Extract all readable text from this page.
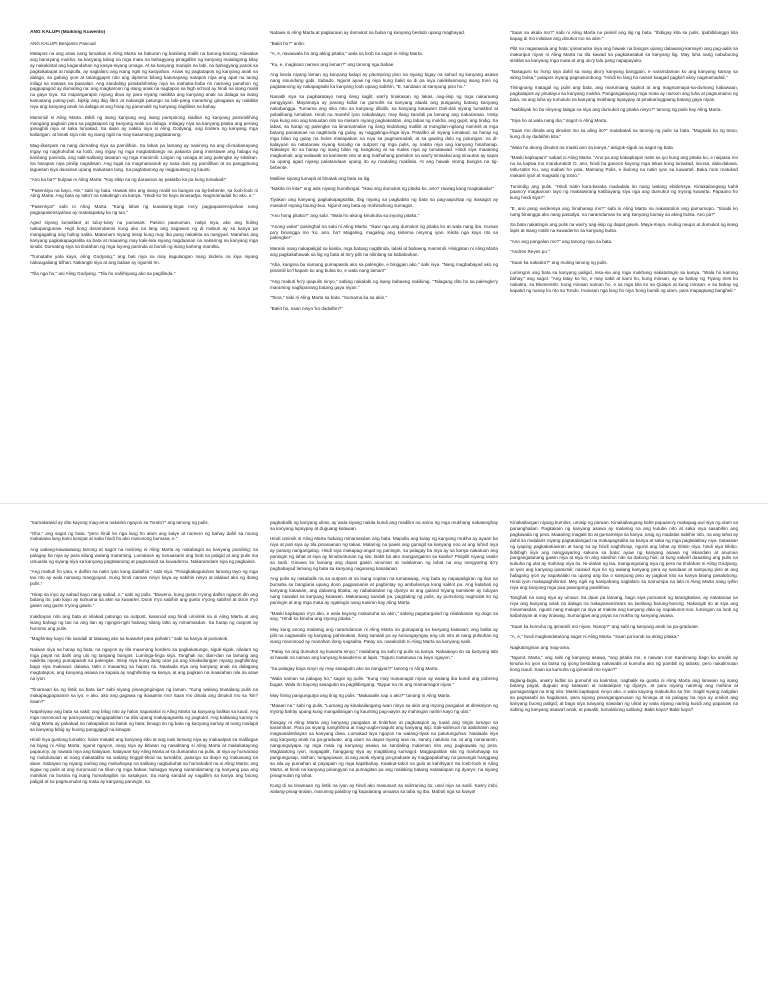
ANG KALUPI (Maikling Kuwento)

ANG KALUPI Benjamin Pascual

Matapos na ang araw nang lumabas si Aling Marta sa bakuran ng kanilang maliit na barung-barong. Alawalas ang banayang mukha: sa kanyang lubog na mga mata na bahagyang pinagdilim ng kanyang malalagong kilay ay nakakintal ang kagandahan ng kasya-siyang umaga. At sa kanyang manipis na labi, na bahagyang pasok sa pagkakalapat at mapulla, ay naglalaro ang isang ngiti ng kasiyahan. Anaw ng pagtatapos ng kanyang anak na dalaga, sa gabing iyon at tatanggapin nito ang diploma bilang katunayang natapos niya ang apat na taong inilagi sa mataas na paaralan. Ang sandaling pinakahihintay niya sa mahaba-haba rin namang panahon ng pagpapagod ay dumating na: ang magkaroon ng isang anak na nagtapos sa high school ay hindi na isang maliit na gaya niya. Sa mapangarapin niyang diwa ay para niyang nakikita ang kanyang anak na dalaga sa isang kasuutang puting-puti, kipkip ang ibig libro at nakangiti patungo sa labi-pang maraming ginagawa ay nakikita niya ang kanyang anak na dalaga at ang hirap ng panunukli ng kanyang naglilinis sa bahay.

Mamimili si Aling Marta. Bibili ng isang kanyang ang isang pampinong siadlan ng kanyang pamimilihing mangang pagkain para sa pagtatapos ng kanyang anak na dalaga. Inilagay niya sa kanyang pitaka ang perang ipinagbili niya at saka lumakad. Sa daan ay nakita niya si Aling Godyang, ang tindera ng kanyang mga kailangan, at binati siya nito ng isang ngiti na may kasamang pagtatanong.

Mag-iikasyam na nang dumating siya sa pamilihan. Sa labas pa lamang ay nanining na ang di-mabanayang ingay ng naghuhuhat sa loob, ang ingay ng mga magtatabango na pakanta pang ininistawe ang halaga ng kanilang paninda, ang salit-salitang tawaran ng mga mamimili. Lingon ng umaga at ang palengke ay siksikan. Sa harapan niya pinilip nagsiksan. Ang lugal na magmamanok ay nasa dulo ng pamilihan at sa panggitnang laguesan siya dananan upang makaraan lang. Sa pagtatanong ay nagpautang ng kaunti.

"Ano ka ba?" bulyaw ni Aling Marta. "Kay sikip na ng daraanan ay patakbo ka pa kung lumakad!"

"Pasensiya na kayo, Ale," sabi ng bata. Hawak nito ang isang maliit na bangos na tig-bebente, sa loob-loob ni Aling Marta. Ang bata ay tatlo't na nakatingin sa kanya. "Hindi ko ho kayo sinasadya. Nagmamadali ho ako, e."

"Pasensya!" sabi ni Aling Marta. "Kung lahat ng kuwalang-ingat mo'y pagpapasensiyahan nang pagpapasensiyahan ay matatapakay ka ng tao."

Aged siyang lumaklaot at tuluy-tuloy na pumasok. Pasinci paanuman, natipi niya, ako ang huling nakapangunaw. Higit kong dararndamin kung ako na lang ang nagawan ng di mabuti ay sa kanya pa mangagaling ang huling salita. Matamam niyang inisip kung may iba pang nakakita sa nangyari. Marahas ang kanyang pagkakapagsalita sa bata at maaaring may kaki-lala siyang nagdaanan na nakarinig sa kanyang mga sinabi. Dumating siya sa tindahan ng mga luyong paninda at bumili ng isang kartong mantika.

"Tumatabe yata kayo, Aling Godyang," ang bati niya sa may kagulangan nang tindera na kiya niyang nakaugaliang bilhan. Nakangiti siya at ang babae ay ngumiti rin.

"Tila nga ho," ani Aling Godyang. "Tila ho nahihiyang ako sa paglilinda."

Natawa si Aling Marta at pagkaraan ay dumukot sa bulsa ng kanyang bestido upang magbayad.

"Bakit ho?" anito.

"A, e, nawawala ho ang aking pitaka," wala sa loob na sagot ni Aling Marta.

"Ku, e, magkano naman ang laman?" ang tanong nga babae.

Ang landa niyang laman ng kanyang kalupi ay pitumpong piso na siyang bigay na sahod ng kanyang asawa nang sinundang gabi, Sabado. Ngunit ayaw ng niya kung bakit sa di pa niya nakikilanmang isang tono ng pagtatanong ay nakapagsabi ka kanyang loob upang sabihin, "E, sandaan at sampung piso ho."

Nanatili siya sa pagkakatayo nang ilang saglit, wari'y tinakasan ng lakas, nag-iisip ng mga nakaraang pangyayari. Mayamaya ay parang kidlat na gumuhit sa kanyang alaala ang pusgaang batang kanyang nakabangga. Tumama ang siko nito sa kanyang dibdib, sa kanyang katawan! Dali-dali siyang lumakbal at pabalibang lumabas. Hindi na marahil iyon nakakalayo; may ilang sandali pa lamang ang nakararaan. Inisip niya kung ano ang kasuutan nito na masam niyang pagkakatitan, ang tabas ng mukha, ang gupit, ang tindig. Sa labas, sa harap ng palengke na kinamamalan ng ilang tindahang maliliit at mangilan-ngilang naminili at mga batang panatanae na nagtitinda ng gulay, ay naggalinga-linga siya. Patalibo uli siyang lumakad, sa harap ng mga bilao ng gulay na halos masapakan na niya sa pagmamadali, at sa gawing dulo ng pulungan, na di-kalayuan sa natatanaw niyang karaitig na outpost ng mga pulis, ay nakita niya ang kanyang hinahanap. Nakatayo ito sa harap ng isang bilao ng kangkong at sa malas niya ay tumatawad. Hindi siya maaaring magkamali; ang walawak na kamisete nito at ang maihahang pantalon na wari'y sinisakal ang sinuutan ay sapat na upang agad niyang palatandaan upang ito ay madaling makilala. At ang hawak nitong bangos na tig-bebente.

Malilise siyang lumapit at binatak ang bata sa liig.

"Nakita rin kita!" ang asik niyang humihingal. "Ikaw ang dumukot ng pitaka ko, ano? Huwag kang magkakaila!"

Tiyakan ang kanyang pagkakapagsalita; ibig niyang sa pagkabito ng bata sa pag-aapuhap ng isasagot ay masukol niyang buung-buo. Ngunit ang bata ay mahinahong sumagot.

"Ano hong pitaka?" ang sabi. "Wala ho akong kinukuha sa inyong pitaka."

"Anong wala!" pasinghal na sabi ni Aling Marta. "Ikaw nga ang dumukot ng pitaka ko at wala nang iba. Kunwa pa'y binangga mo 'ko, ano, ha? Magaling, magaling ang sistema ninyong iyan. Kikita nga kayo rito sa palengke!"

Marami nang nakapaligid sa kanila, mga batang nagtitinda, lalaki at babaeng mamimili. Hinigpitan ni Aling Marta ang pagkakahawak sa liig ng bata at ito'y pilit na nilinlang sa kababaihan.

"Aba, kangina ba namang pumapasok ako sa palengke, e binggain ako," sabi niya. "Nang magbabayad ako ng pinamili ko'l kapain ko ang bulsa ko, e wala nang laman!"

"Ang mabuti ho'y ipapulis ninyo," sabing nakalabi ng isang babaeng nakikinig. "Talagang dito ho sa palengke'y maraming nagliipanang batang gaya niyan."

"Tena," sabi ni Aling Marta sa bata. "Sumama ka sa akin."

"Bakit ho, saan ninyo 'ko dadalhin?"

"Saan sa akala mo?" sabi ni Aling Marta na piniisil ang liig ng bata. "Ibibigay kita sa pulis. Ipabibilanggo kita kapag di mo inilabas ang dinukot mo sa akin."

Pilit na nagwawala ang bata; ipinamulsa niya ang hawak na bangos upang dalawang-kamaym ang pag-aalis sa makuriput niyan ni Aling Marta na tila kawad sa pagkakasakal sa kanyang liig. May luha nang nabubuong sisiklat sa kanyang mga mata at ang ulo'y lalu pang napapayuko.

"Nasaguro ko hong siya dahil sa nang ako'y kanyang banggain, e naramdaman ko ang kanyang kamay sa aking bulsa," palapos niyang pagsusumbong. "Hindi ko lang ho naisiol kaagad pagka't akoy nagmamadali."

Tiningnang matagal ng pulis ang bata, ang marumiang sapkot at ang magmamapa-sa-dumang kaliawaan, pagkatapos ay pinatayui sa kanyang mukha. Pangangalayang mga mata ay naroon ang luha at pagsumamo ng bata, na ang luha ay tumutulo sa kanyang mukhang lupaypay at pinakaringgaang batang gaya niyan.

"Nakikiyak ho ba ninyong talaga na siya ang dumukot ng pitaka ninyo?" tanong ng pulis kay Aling Marta.

"Siya ho at wala nang iba," sagot ni Aling Marta.

"Saan mo dinala ang dinukot mo sa aling ito?" matabatali na tanong ng pulis sa bata. "Magsabi ka ng totoo, kung di ay dadalhin kita."

"Wala ho akong dinukot na maski ano sa kanya," aisiguk-siguk na sagot ng bata.

"Maski kapkapan!" sabad ni Aling Marta. "Ano pa ang kakapkapin natin sa iyo kung ang pitaka ko, e naipasa mo na sa kapwa mo mandurukot! O, ano, hindi ba ganoon kayong mga tekas kung lumakad, isa-isa, dala-dalawa, tatlu-tatlo! Ku, ang mabuti ho yata, Mamang Pulis, e ikulong na natin iyan sa kuwartel. Baka roon matukod makaisl iyan at magsabi ng totoo."

Tumindig ang pulis. "Hindi natin kara-karaka madadala ito nang walang ebidensya. Kinakailangang kahit paano'y magkaroon tayo ng makatwirang katibayang siya nga ang dumukot ng inyong kuwarta. Papaano ho kung hindi siya?"

"E, ano pang evidensya ang hinahanap mo?" sabi ni Aling Marta na nakatutulon ang pamumupo. "Sinabi ko nang binangga ako nang pasadya, na naramdaman ko ang kanyang kamay sa aking bulsa. Ano pa?"

Sa bata nakatingin ang pulis na wari'y nag-iisip ng dapat gawin. Maya-maya, muling naupo at dumukot ng isang lapis at isang maliit na kuwaderno sa kanyang bulsa.

"Ano ang pangalan mo?" ang tanong niya sa bata.

"Andres Reyes po."

"Saan ka nakatira?" ang muling tanong ng pulis.

Lumingon ang bata sa kanyang paligid, insa-isa ang mga mukhang nakatutingin sa kanya. "Wala ho kaming bahay," ang sagot. "Ang tatay ko ho, e may sakit at kami ho, kung minsan, ay sa bahay ng Tiyang Ines ko nakatira, sa Blumentritt. Kung minsan naman ho, e sa mga kila ko sa Quiapo at kung minsan, e sa bahay ng kapatid ng nanay ko rito sa Tondo. Inutusan nga lang ho niya 'kong bumili ng ulam, para mapagsang bangheli."

"Samakatwid ay dito kayong mag-ama nakatira ngayon sa Tondo?" ang tanong ng pulis.

"Oho," ang sagot ng bata, "pero hindi ko nga lang ho alam ang kalye at numero ng bahay dahil sa noong makalawa lang kami lumipat at saka hindi ho ako marunong bumasa, e."

Ang walang-kawawaang tanong at sagot na naririnig ni Aling Marta ay nakabagot sa kanyang pandinig; sa palagay ba niya ay para silang walang maraming. Lumalaon ay lumaasami ang loob sa paligid at ang pulis ma umuasla ng siyang-siya sa kanyang pagtatanong at pagsusulat sa kuwaderno. Nakaramdam siya ng pagkainis.

"Ang mabuti ho yata, e dalhin na natin iyan kung dadalhin," sabi niya. "Pinagkakaguluhan lamang tayo ng mga tao rito ay wala namang mangyayari. Kung hindi naman ninyo kaya ay sabihin ninyo at lalakad ako ng ibang pulis."

"Hirap sa inyo ay sabad kayo nang sabad, e," sabi ng pulis. "Buweno, kung gusto n'yong dalhin ngayon din ang batang ito, pati kayo ay sumama sa akin sa kuwartel. Doon n'yo sabihin ang gusto n'yong sabihin at doon n'yo gawin ang gusto n'yong gawin."

Inakbayan nito ang bata at nilakad patungo sa outpost, kasunod ang hindi umiimik na si Aling Marta at ang isang bahagi ng tao na ang ilan ay ngingiti-ngiti habang silang lalto ay minamasdan. Sa harap ng outpost ay humintо ang pulis.

"Maghintay kayo rito sandali at tatawag ako sa kuwartel para pahatiri," sabi sa kanya at pumasok.

Naiwan siya sa harap ng bata, na ngayon ay tila maamong kordero sa pagkakatungo, siguk-siguk, nilalaro ng mga payat na daliri ang ulo ng tangang bangos. Luminga-linga siya. Tanghali na; dian-dan na lamang ang nakikita niyang pumapasok sa palengke. Inisip niya kung ilang oras pa ang kinakailangan niyang paghihintay bago siya makauwi: dalawa, tatlo o maaaring sa hapon na. Naalaala niya ang kanyang anak na dalagang magtatapos, ang kanyang asawa na kapala ay naghihintay sa kanya, at ang pagkain na inaasahan nila sa araw na iyon.

"Tinamaan ka ng lintik na bata ka!" sabi niyang pinanginginigan ng laman. "Kung walang tinatalang pulis na makapagpapaamin sa iyo, e ako, ako ang gagawa ng ikaaamin mo! Saan mo dinala ang dinukot mo sa 'kin? Saan?"

Napahiyaw ang bata sa sakit; ang bilog nito ay halos napasakol ni Aling Marta sa kanyang balikat sa kaod. Ang mga nanonood ay para-parang nangapatitlan na dila upang makapagsalita ng pagtutol. Ang kaliwang kamay ni Aling Marta ay pakakad na nakapaikot sa batok ng bata; binago ito ng bata ng kanyang kamay at nang mailapit sa kanyang bibig ay buong panggigigil na kinagat.

Hindi niya gustong lumaklo; halos matakil ang kanyang siko at ang nais lamang niya ay makaalpas sa malilagas na biyag ni Aling Marta; ngunit ngayon, nang siya ay bitiwan ng nasaktang si Aling Marta at makakatayong papauroy, ay nawala niya ang kalayaan. kalayaan kay Aling Marta at sa dumaraka na pulis, at siya ay humaraop ng malulusutan at nang makatakbo sa walang tinggol-tikod na tumakbo, patungo sa ibayo ng maluwang na daan. Sabayan ng niyang narinig ang mahahayap na salitang nagbubuhat sa humahabol na si Aling Marta; ang sigaw ng pulis at ang surumuod na tilian ng mga babae; bahagya niyang naramdamang ng kanyang paa ang mahikas na busina ng isang humahagibis na sasakyan. Sa isang sandali ay nagdilim sa kanya ang buong paligid at sa pagmumulat ng mata ay kanyang paningin, sa

pagbabalik ng kanyang ulirat, ay wala siyang nakita kundi ang madilim na anino ng mga mukhang nakatunghay sa kanyang lupaypay at duguang katawan.

Hindi umimik si Aling Marta habang minamasdan ang bata. Mapulla ang kulay ng kanyang mukha ay ayaan ba niya at pati siya ay tila pinaraanan ng takas. Malamig na pawis ang gumigit sa kanyang noo at ang luhod niya ay parang nangangalog. Hindi siya makapag-angat ng paningin, sa palagay ba niya ay sa kanya nakatuon ang paningin ng lahat at siya ay binubuntunan ng sisi. Bakit ba ako mangangaimo sa kanila? Pinipilit niyang usalin sa sarili. Ginawa ko lamang ang dapat gawin ninuman at nalalaman ng lahat na ang nangyaring ito'y pagbabayad lamang ng bata sa kanyang naganang kasalanan.

Ang pulis ay nakabalik na sa outpost at sa isang copitan na tumatawag. Ang bata ay napapaligiran ng ilan na bumaba sa banglaria upang doon pagpamanin at pagbintay ng ambulansya kung saklot pa. Ang kalahati ng kanyang katawan, ang dalawng tibalta, ay nababalutan ng dyaryo at ang guland niyang kamisete ay tuluyan nang nawalat sa kanyang katawan. Makaraang sandali pa, pagdating ng pulis, ay pumulong nagmulat ito ng paningin at ang mga mata ay ngatingin nang tuwiran kay Aling Marta.

"Maski kapkapan n'yo ako, e wala kayong makukuha sa akin," sabing pagaturgaisd ng nilalabasan ng dugo sa ang. "Hindi ko kinuha ang inyong pitaka."

May kung anong malamig ang naramdaman ni Aling Marta na gumapang sa kanyang katawan; ang balita ay pilit na nagsasabi ng kanyang pahimakas. Ilang sandali pa ay lumungayngay ang ulo nito at nang pulsuhan ng isang manonood ay manahan ilong nagsalita. Patay na, nasalodob ni Aling Marta sa kanyang sarili.

"Patay na ang dumukot ng kuwarta ninyo," malabang na sabi ng pulis sa kanya. Nakaaiayo ito sa kanyang tabi at hawak na naman ang kanyang kuwaderno at lapis. "Siguro matutuwa na kayo ngayon."

"Sa palagay kaya ninyo ay may sasagutin ako sa nangyari?" tanong ni Aling Marta.

"Wala naman sa palagay ko," sagot ng pulis. "Kung may mananagot niyan ay walang iba kundi ang pobreng bugas. Wala rin kayong sasagutin sa paglilibingang. Taypar na rin ang mamamagot niyan."

May himig pangungutya ang tinig ng pulis. "Makaaalis nap o ako?" tanong ni Aling Marta.

"Maaari na," sabi ng pulis. "Lamang ay kinakailangang iwan ninyo sa akin ang inyong pangalan at direksiyon ng inyong bahay upang kung mangailangan ng kaunting pag-aayos ay mahingan namin kayo ng ulat."

Ibinigay ni Aling Marta ang kanyang pangalan at tinitirhan at pagkatapos ay tuwid ang tingin lumayo sa karamihan. Para pa siyang nanghihina at mag-uugbi-magulo ang kanyang isip; Sali-salimuot na alalahanin ang magsasalimbayan sa kanyang diwa. Lumakad siya ngayon na walang-tiyak na patutunguhan. Naalaala niya ang kanyang anak na pa-graduate, ang ulam na dapat niyang iuwi na, sana'y naluluto na, at ang nanananim, nangungulyapa ng mga mata ng kanyang asawa sa sandaling malaman nito ang pagkawala ng pera. Maglalatong iyon, magagalit, hanggang siya ay magtitilang sumagot. Magpapalitan sila ng mahahayap na pangungusap, sisihan, tungayawan, at ang anak niyang pa-graduate ay magpapabahay na panangis hanggang sa sila ay pumahan at payapain ng mga kapitbahay. Katakut-takot na gulo at kahihiyan! Sa loob-loob ni Aling Marta, at hindi na kanyang pinangyari na pumagitan pa ang malaking batang natatalapan ng dyaryo, na siyang pinagmulan ng lahat.

Kung di sa tinamaan ng lintik na iyan ay hindi ako masusuot sa sulirraning ito, usal niya sa sarili. Kasi'y imbi, walang-pinag-aralan, marumng palaboy ng kapalarang umaasa sa taba ng iba. Mabuti nga sa kanya!

Kinakailangan niyang kumilos, umisip ng paraan. Kinakailangang kahit papaano'y makapag-uwi siya ng ulam sa pananghalian. Pagkakain ng kanyang asawa ay malamig na ang kulube nito at saka niya sasabihin ang pagkawala ng pera. Maaaring magalit ito at gumamitiya sa kanya, iusig ng madalas sabihin nito, na ang lahat ay dahil sa malalaris niyang pagtatalangad na makapagsalita sa kanya at saka ng mga paglalakbay niya. Itataasan ng iyaping pagkakatuwiran at kung sa ay hindi naghihirap, ngunit ang lahat ay titiisin niya, hindi siya kikibo. Ikibibigh iiiya ang nangyayaring sakuna sa bata; ayaw ng kanyang asawa ng iskandalo at anuman pangangalanang gawin niya at siya rin ang sisisihin nito sa dakong huli; at kung sakali'l daaatiing ang pulis na kukuha ng ulat ay mahirap niya itu. Ni-ulatan ng isa, mangungutang siya ng pera na tindahan ni Aling Godyang, at iyon ang kanyang ipamimili; naisaid niya rin ng walang kanyang pera ay sandaan at sampung piso at ang halagang iyon ay napakalaki na upang ang iba o sampung piso ay pagkait nito sa kanya bilang pasalubong. Hindi iyon makapaghihintal. Mey ngiti ng kasiyahang naglalaro sa namumpa na labi ni Aling Marta nang iyihin niya ang kanyang mga paa patungong pamilihan.

Tanghali na nang siya ay umuwi. Sa daan pa lamang, bago siya pumasok ng tarangkahan, ay natatanaw na niya ang kanyang anak na dalaga na nakapanamintara sa kanilang barung-barong. Nakangiti ito at siya ang minamasdan, ngunit nang malapit na siya at makita ang kanyang dala ay napakunot-noo, lumingon sa loob ng kabahayan at may tinawag. Sumungaw ang payat na mukha ng kanyang asawa.

"Saan ka kumuha ng ipinamili mo niyan, Nanay?" ang sabi ng kanyang anak na pa-graduate.

"A, e," hindi magkandatutong sagot ni Aling Marta. "Saan pa kundi sa aking pitaka."

Nagkatinginan ang mag-ama.

"Ngunit, Marta," ang sabi ng kanyang asawa, "ang pitaka mo, e naiwan mo! Kaninnang bago ka umalis ay kinuha ko iyon sa bulsa ng iyong bestidong nakasabit at kumuha ako ng pambili ng tabako, pero nakalimutan kong isauli. Saan ka kumuha ng ipinamili mo niyan?"

Biglang-bigla, anak'y kidlat na gumuhit sa karimlan, nagbalik sa gunita ni Aling Marta ang larawan ng isang batang payat, duguan ang katawan at natatakpan ng dyaryo, at para niyang naririnig ang mahina at gumagaralgal na tinig nito: Maski kapkapan ninyo ako, e wala kayong makukuha sa 'kin. Saglit siyang natigilan sa pagsasabi sa hagdanan, para siyang pinanganganusan ng hininga at sa palagay ba niya ay umikot ang kanyang buong paligid; at bago siya tuluyang nawalan ng ulirat ay wala siyang narinig kundi ang papanaw na sabing ng kanyang asawa'l anak, at pasaliti, tumalabong salitang: Bakit kaya? Bakit kaya?
